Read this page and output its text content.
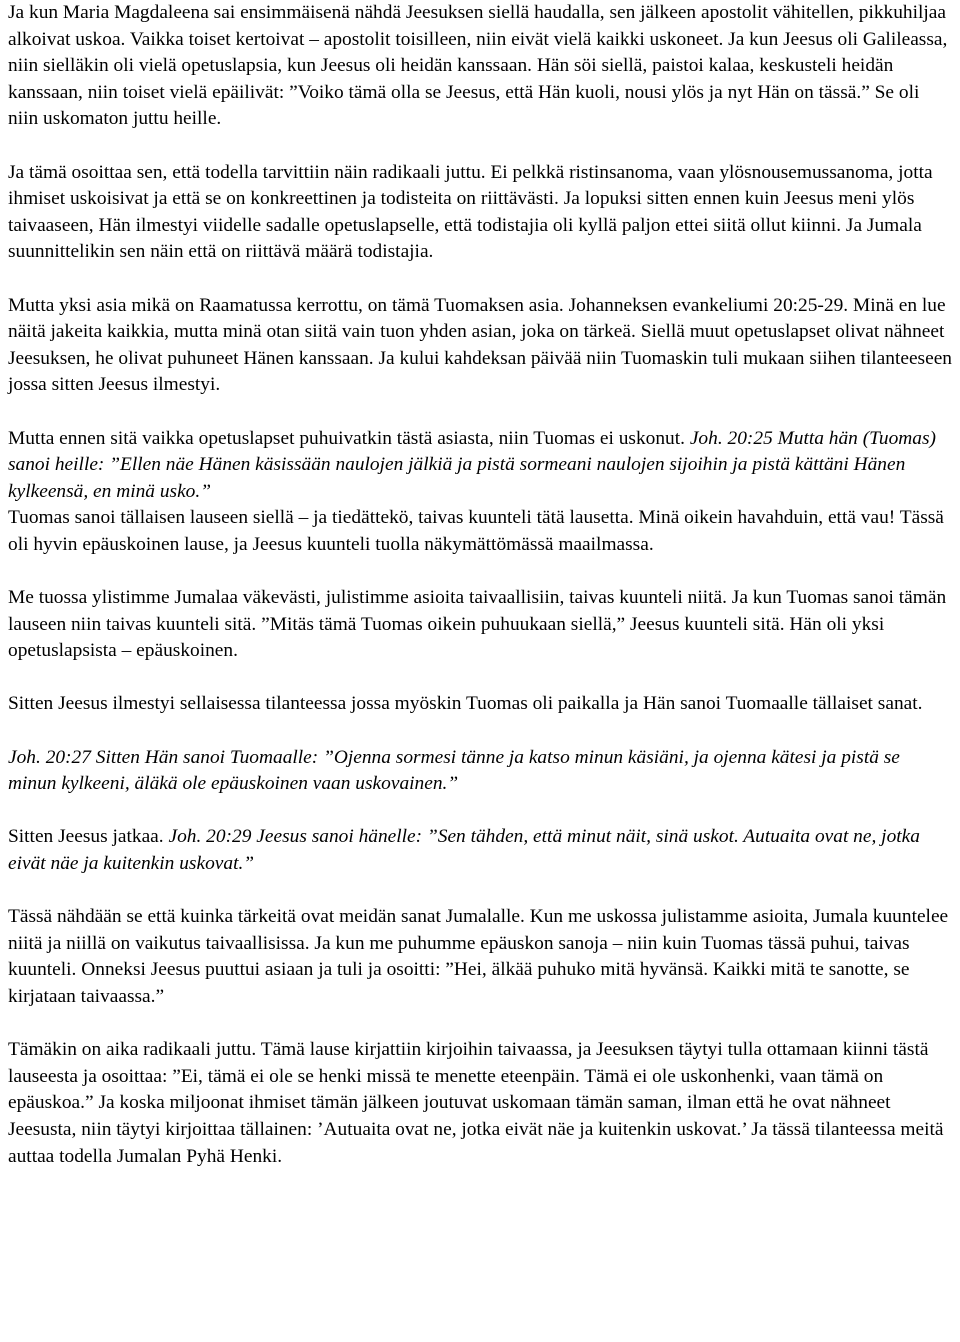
Ja kun Maria Magdaleena sai ensimmäisenä nähdä Jeesuksen siellä haudalla, sen jälkeen apostolit vähitellen, pikkuhiljaa alkoivat uskoa. Vaikka toiset kertoivat – apostolit toisilleen, niin eivät vielä kaikki uskoneet. Ja kun Jeesus oli Galileassa, niin sielläkin oli vielä opetuslapsia, kun Jeesus oli heidän kanssaan. Hän söi siellä, paistoi kalaa, keskusteli heidän kanssaan, niin toiset vielä epäilivät: ”Voiko tämä olla se Jeesus, että Hän kuoli, nousi ylös ja nyt Hän on tässä.” Se oli niin uskomaton juttu heille.

Ja tämä osoittaa sen, että todella tarvittiin näin radikaali juttu. Ei pelkkä ristinsanoma, vaan ylösnousemussanoma, jotta ihmiset uskoisivat ja että se on konkreettinen ja todisteita on riittävästi. Ja lopuksi sitten ennen kuin Jeesus meni ylös taivaaseen, Hän ilmestyi viidelle sadalle opetuslapselle, että todistajia oli kyllä paljon ettei siitä ollut kiinni. Ja Jumala suunnittelikin sen näin että on riittävä määrä todistajia.

Mutta yksi asia mikä on Raamatussa kerrottu, on tämä Tuomaksen asia. Johanneksen evankeliumi 20:25-29. Minä en lue näitä jakeita kaikkia, mutta minä otan siitä vain tuon yhden asian, joka on tärkeä. Siellä muut opetuslapset olivat nähneet Jeesuksen, he olivat puhuneet Hänen kanssaan. Ja kului kahdeksan päivää niin Tuomaskin tuli mukaan siihen tilanteeseen jossa sitten Jeesus ilmestyi.

Mutta ennen sitä vaikka opetuslapset puhuivatkin tästä asiasta, niin Tuomas ei uskonut. Joh. 20:25 Mutta hän (Tuomas) sanoi heille: ”Ellen näe Hänen käsissään naulojen jälkiä ja pistä sormeani naulojen sijoihin ja pistä kättäni Hänen kylkeensä, en minä usko.”
Tuomas sanoi tällaisen lauseen siellä – ja tiedättekö, taivas kuunteli tätä lausetta. Minä oikein havahduin, että vau! Tässä oli hyvin epäuskoinen lause, ja Jeesus kuunteli tuolla näkymättömässä maailmassa.

Me tuossa ylistimme Jumalaa väkevästi, julistimme asioita taivaallisiin, taivas kuunteli niitä. Ja kun Tuomas sanoi tämän lauseen niin taivas kuunteli sitä. ”Mitäs tämä Tuomas oikein puhuukaan siellä,” Jeesus kuunteli sitä. Hän oli yksi opetuslapsista – epäuskoinen.

Sitten Jeesus ilmestyi sellaisessa tilanteessa jossa myöskin Tuomas oli paikalla ja Hän sanoi Tuomaalle tällaiset sanat.

Joh. 20:27 Sitten Hän sanoi Tuomaalle: ”Ojenna sormesi tänne ja katso minun käsiäni, ja ojenna kätesi ja pistä se minun kylkeeni, äläkä ole epäuskoinen vaan uskovainen.”

Sitten Jeesus jatkaa. Joh. 20:29 Jeesus sanoi hänelle: ”Sen tähden, että minut näit, sinä uskot. Autuaita ovat ne, jotka eivät näe ja kuitenkin uskovat.”

Tässä nähdään se että kuinka tärkeitä ovat meidän sanat Jumalalle. Kun me uskossa julistamme asioita, Jumala kuuntelee niitä ja niillä on vaikutus taivaallisissa. Ja kun me puhumme epäuskon sanoja – niin kuin Tuomas tässä puhui, taivas kuunteli. Onneksi Jeesus puuttui asiaan ja tuli ja osoitti: ”Hei, älkää puhuko mitä hyvänsä. Kaikki mitä te sanotte, se kirjataan taivaassa.”

Tämäkin on aika radikaali juttu. Tämä lause kirjattiin kirjoihin taivaassa, ja Jeesuksen täytyi tulla ottamaan kiinni tästä lauseesta ja osoittaa: ”Ei, tämä ei ole se henki missä te menette eteenpäin. Tämä ei ole uskonhenki, vaan tämä on epäuskoa.” Ja koska miljoonat ihmiset tämän jälkeen joutuvat uskomaan tämän saman, ilman että he ovat nähneet Jeesusta, niin täytyi kirjoittaa tällainen: ’Autuaita ovat ne, jotka eivät näe ja kuitenkin uskovat.’ Ja tässä tilanteessa meitä auttaa todella Jumalan Pyhä Henki.
